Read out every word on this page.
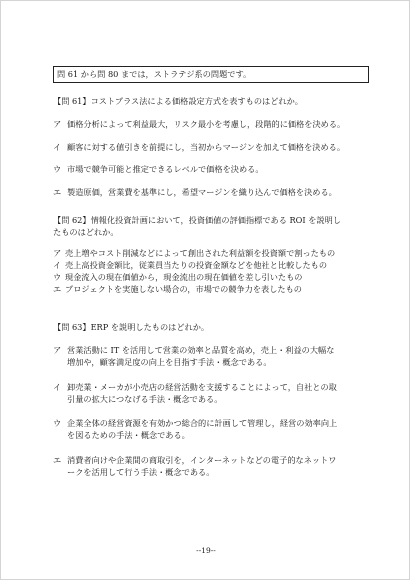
問 61 から問 80 までは，ストラテジ系の問題です。
【問 61】コストプラス法による価格設定方式を表すものはどれか。
ア 価格分析によって利益最大，リスク最小を考慮し，段階的に価格を決める。
イ 顧客に対する値引きを前提にし，当初からマージンを加えて価格を決める。
ウ 市場で競争可能と推定できるレベルで価格を決める。
エ 製造原価，営業費を基準にし，希望マージンを織り込んで価格を決める。
【問 62】情報化投資計画において，投資価値の評価指標である ROI を説明し
たものはどれか。
ア 売上増やコスト削減などによって創出された利益額を投資額で割ったもの
イ 売上高投資金額比，従業員当たりの投資金額などを他社と比較したもの
ウ 現金流入の現在価値から，現金流出の現在価値を差し引いたもの
エ プロジェクトを実施しない場合の，市場での競争力を表したもの
【問 63】ERP を説明したものはどれか。
ア 営業活動に IT を活用して営業の効率と品質を高め，売上・利益の大幅な
増加や，顧客満足度の向上を目指す手法・概念である。
イ 卸売業・メーカが小売店の経営活動を支援することによって，自社との取
引量の拡大につなげる手法・概念である。
ウ 企業全体の経営資源を有効かつ総合的に計画して管理し，経営の効率向上
を図るための手法・概念である。
エ 消費者向けや企業間の商取引を，インターネットなどの電子的なネットワ
ークを活用して行う手法・概念である。
--19--
